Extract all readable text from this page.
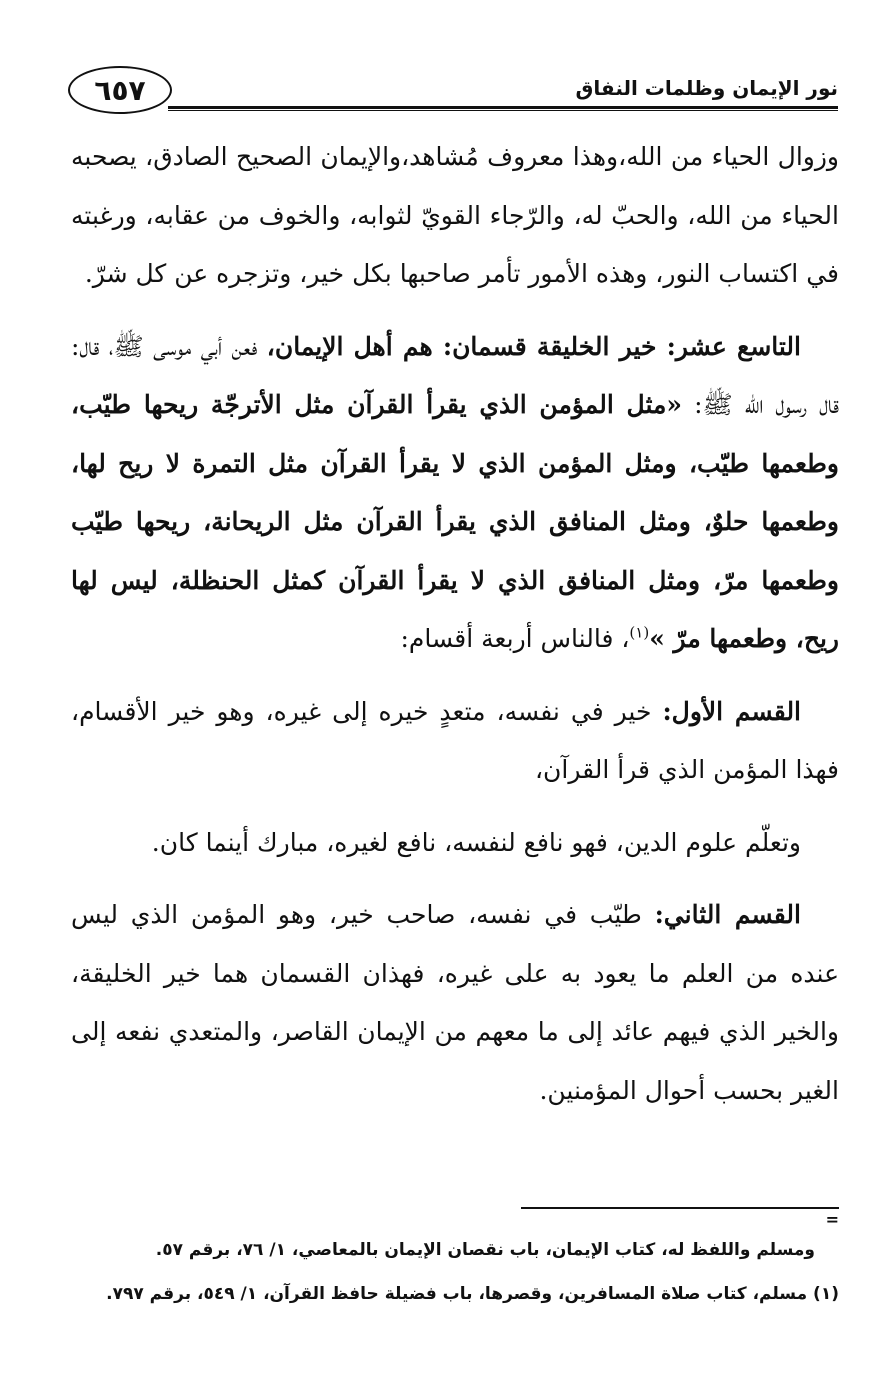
نور الإيمان وظلمات النفاق
٦٥٧

وزوال الحياء من الله،وهذا معروف مُشاهد،والإيمان الصحيح الصادق، يصحبه الحياء من الله، والحبّ له، والرّجاء القويّ لثوابه، والخوف من عقابه، ورغبته في اكتساب النور، وهذه الأمور تأمر صاحبها بكل خير، وتزجره عن كل شرّ.

التاسع عشر: خير الخليقة قسمان: هم أهل الإيمان، فعن أبي موسى ﷺ، قال: قال رسول الله ﷺ: «مثل المؤمن الذي يقرأ القرآن مثل الأترجّة ريحها طيّب، وطعمها طيّب، ومثل المؤمن الذي لا يقرأ القرآن مثل التمرة لا ريح لها، وطعمها حلوٌ، ومثل المنافق الذي يقرأ القرآن مثل الريحانة، ريحها طيّب وطعمها مرّ، ومثل المنافق الذي لا يقرأ القرآن كمثل الحنظلة، ليس لها ريح، وطعمها مرّ »$^{(١)}$، فالناس أربعة أقسام:

القسم الأول: خير في نفسه، متعدٍ خيره إلى غيره، وهو خير الأقسام، فهذا المؤمن الذي قرأ القرآن،

وتعلّم علوم الدين، فهو نافع لنفسه، نافع لغيره، مبارك أينما كان.

القسم الثاني: طيّب في نفسه، صاحب خير، وهو المؤمن الذي ليس عنده من العلم ما يعود به على غيره، فهذان القسمان هما خير الخليقة، والخير الذي فيهم عائد إلى ما معهم من الإيمان القاصر، والمتعدي نفعه إلى الغير بحسب أحوال المؤمنين.

=

ومسلم واللفظ له، كتاب الإيمان، باب نقصان الإيمان بالمعاصي، ١/ ٧٦، برقم ٥٧.

(١) مسلم، كتاب صلاة المسافرين، وقصرها، باب فضيلة حافظ القرآن، ١/ ٥٤٩، برقم ٧٩٧.
